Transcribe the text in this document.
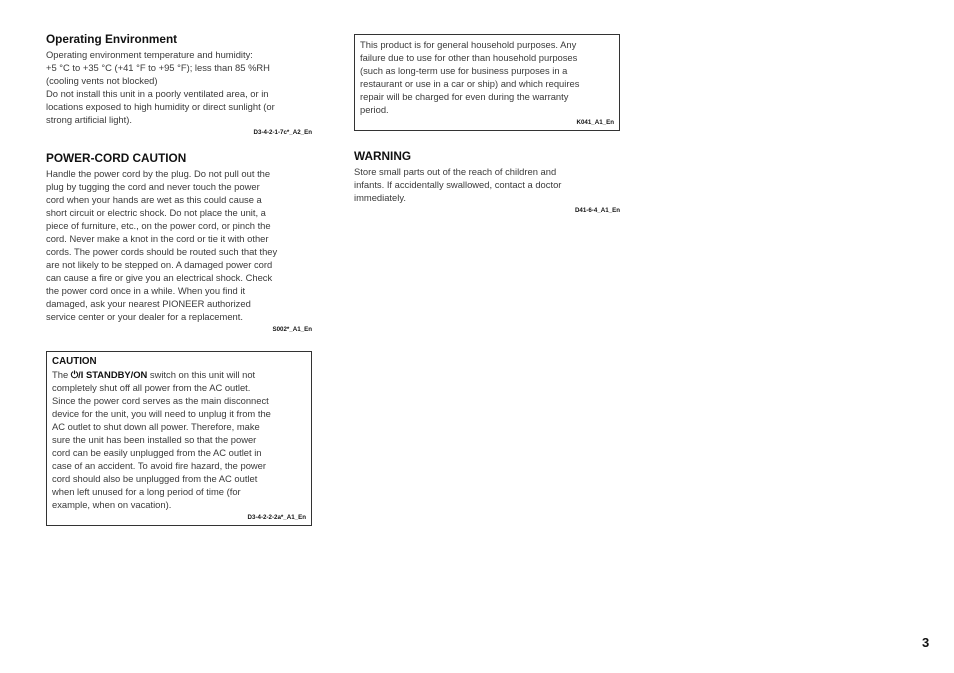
Operating Environment

Operating environment temperature and humidity:

+5 °C to +35 °C (+41 °F to +95 °F); less than 85 %RH

(cooling vents not blocked)

Do not install this unit in a poorly ventilated area, or in

locations exposed to high humidity or direct sunlight (or

strong artificial light).

D3-4-2-1-7c*_A2_En
POWER-CORD CAUTION

Handle the power cord by the plug. Do not pull out the

plug by tugging the cord and never touch the power

cord when your hands are wet as this could cause a

short circuit or electric shock. Do not place the unit, a

piece of furniture, etc., on the power cord, or pinch the

cord. Never make a knot in the cord or tie it with other

cords. The power cords should be routed such that they

are not likely to be stepped on. A damaged power cord

can cause a fire or give you an electrical shock. Check

the power cord once in a while. When you find it

damaged, ask your nearest PIONEER authorized

service center or your dealer for a replacement.

S002*_A1_En
CAUTION

The ⏻/I STANDBY/ON switch on this unit will not

completely shut off all power from the AC outlet.

Since the power cord serves as the main disconnect

device for the unit, you will need to unplug it from the

AC outlet to shut down all power. Therefore, make

sure the unit has been installed so that the power

cord can be easily unplugged from the AC outlet in

case of an accident. To avoid fire hazard, the power

cord should also be unplugged from the AC outlet

when left unused for a long period of time (for

example, when on vacation).

D3-4-2-2-2a*_A1_En

This product is for general household purposes. Any

failure due to use for other than household purposes

(such as long-term use for business purposes in a

restaurant or use in a car or ship) and which requires

repair will be charged for even during the warranty

period.

K041_A1_En
WARNING

Store small parts out of the reach of children and

infants. If accidentally swallowed, contact a doctor

immediately.

D41-6-4_A1_En
3
